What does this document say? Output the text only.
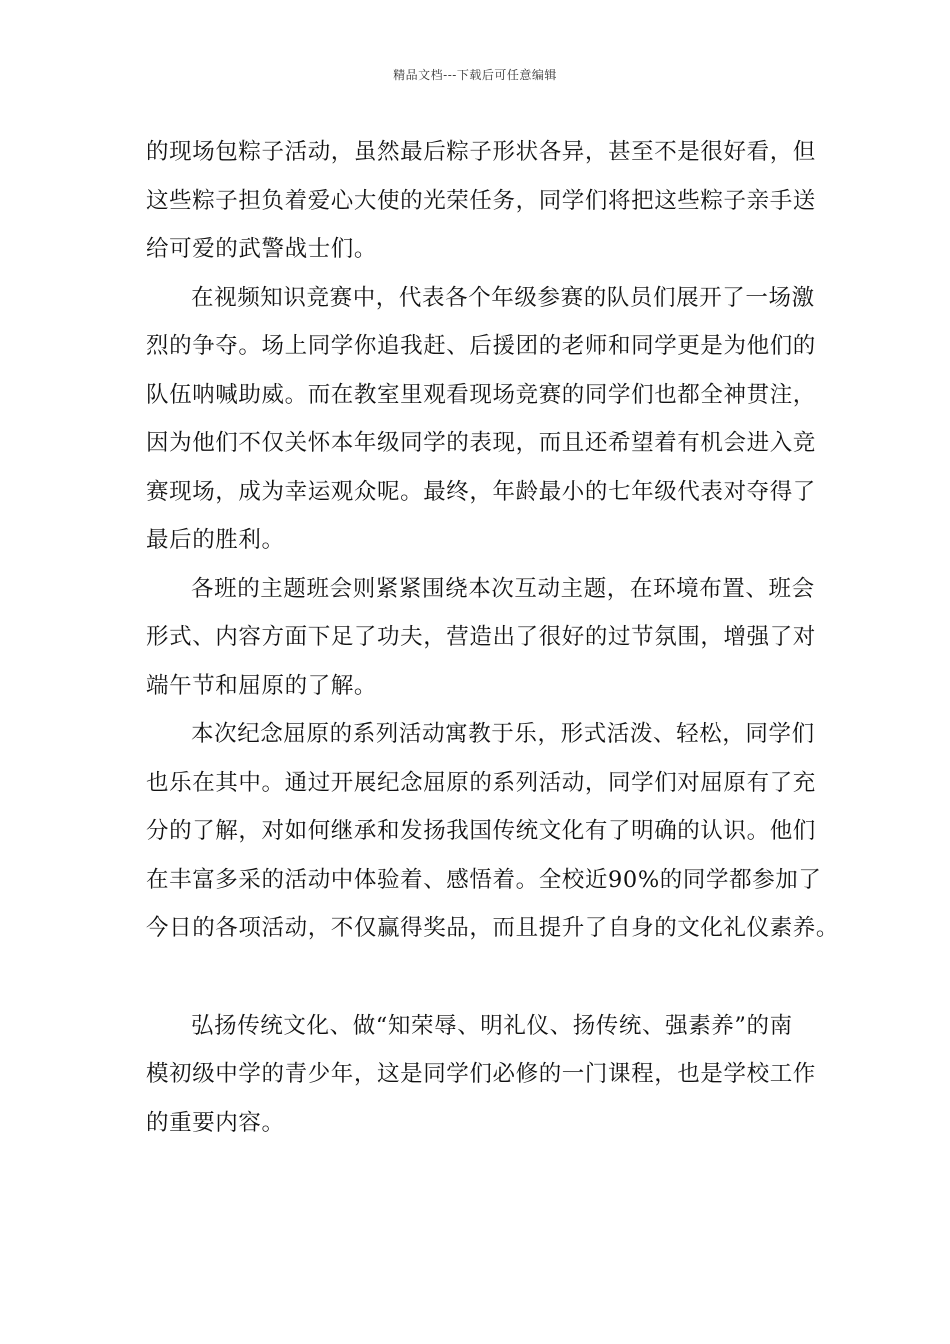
精品文档---下载后可任意编辑
的现场包粽子活动，虽然最后粽子形状各异，甚至不是很好看，但
这些粽子担负着爱心大使的光荣任务，同学们将把这些粽子亲手送
给可爱的武警战士们。
在视频知识竞赛中，代表各个年级参赛的队员们展开了一场激
烈的争夺。场上同学你追我赶、后援团的老师和同学更是为他们的
队伍呐喊助威。而在教室里观看现场竞赛的同学们也都全神贯注，
因为他们不仅关怀本年级同学的表现，而且还希望着有机会进入竞
赛现场，成为幸运观众呢。最终，年龄最小的七年级代表对夺得了
最后的胜利。
各班的主题班会则紧紧围绕本次互动主题，在环境布置、班会
形式、内容方面下足了功夫，营造出了很好的过节氛围，增强了对
端午节和屈原的了解。
本次纪念屈原的系列活动寓教于乐，形式活泼、轻松，同学们
也乐在其中。通过开展纪念屈原的系列活动，同学们对屈原有了充
分的了解，对如何继承和发扬我国传统文化有了明确的认识。他们
在丰富多采的活动中体验着、感悟着。全校近90%的同学都参加了
今日的各项活动，不仅赢得奖品，而且提升了自身的文化礼仪素养。
弘扬传统文化、做“知荣辱、明礼仪、扬传统、强素养”的南
模初级中学的青少年，这是同学们必修的一门课程，也是学校工作
的重要内容。
